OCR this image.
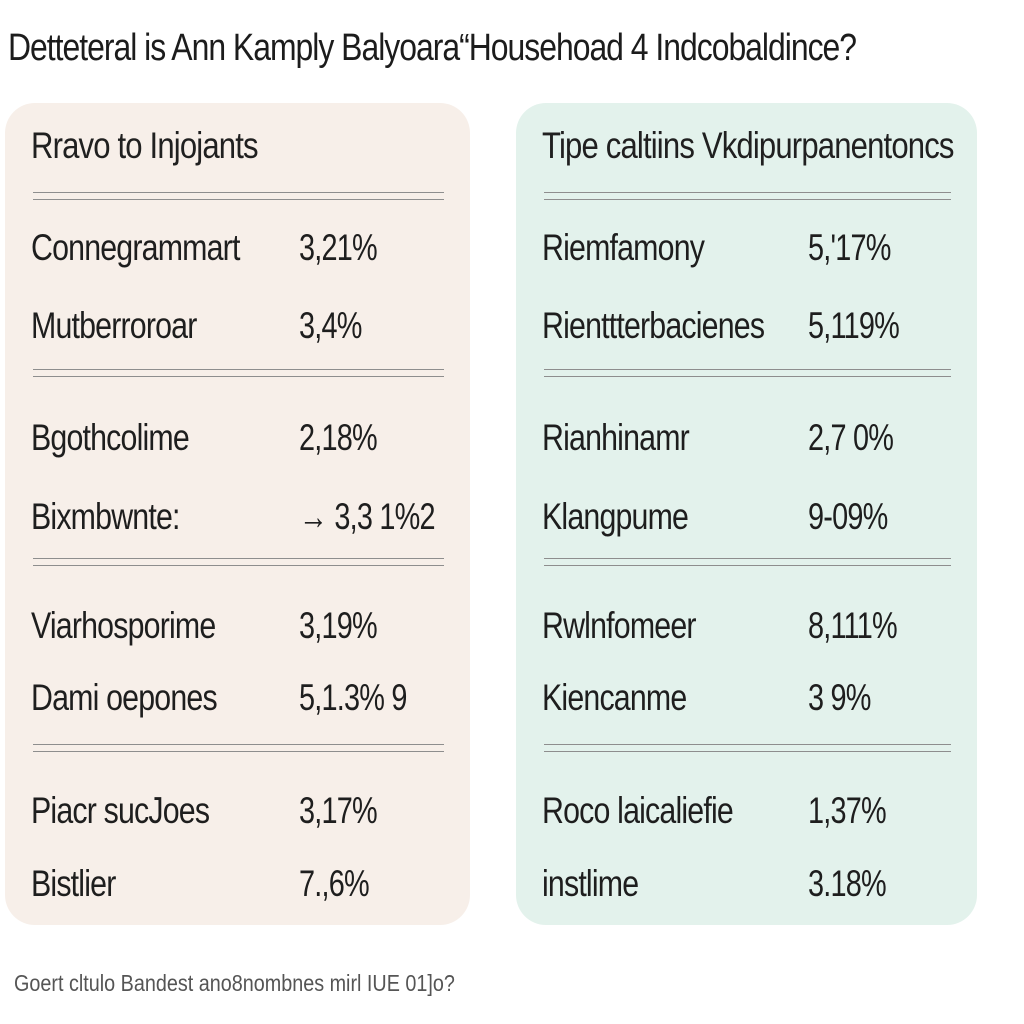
Detteteral is Ann Kamply Balyoara“Househoad 4 Indcobaldince?
Rravo to Injojants
Connegrammart 3,21%
Mutberroroar	3,4%
Bgothcolime	2,18%
Bixmbwnte:	→ 3,3 1%2
Viarhosporime 3,19%
Dami oepones 5,1.3% 9
Piacr sucJoes 3,17%
Bistlier	7.,6%
Tipe caltiins Vkdipurpanentoncs
Riemfamony	5,'17%
Rienttterbacienes 5,119%
Rianhinamr	2,7 0%
Klangpume	9-09%
Rwlnfomeer	8,111%
Kiencanme	3 9%
Roco laicaliefie 1,37%
instlime	3.18%
Goert cltulo Bandest ano8nombnes mirl IUE 01]o?
